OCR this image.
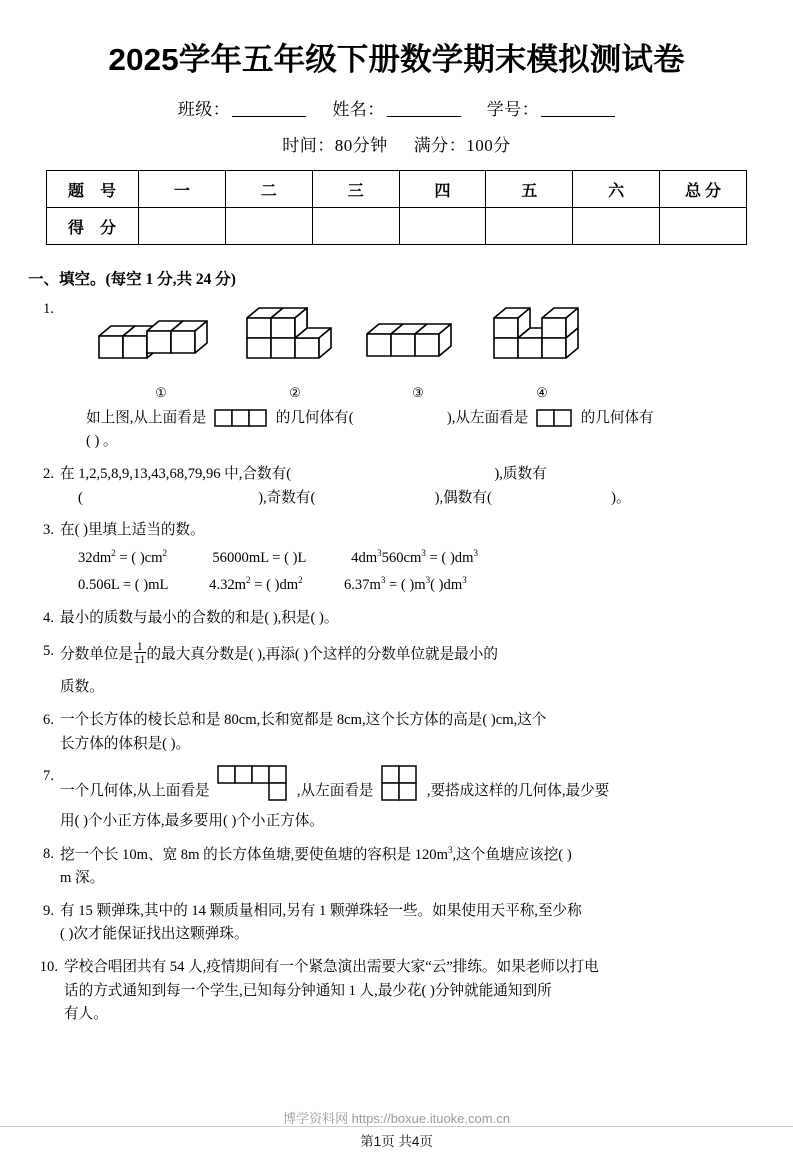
2025学年五年级下册数学期末模拟测试卷
班级：	姓名：	学号：
时间：80分钟 满分：100分
题 号	一	二	三	四	五	六	总 分
得 分							
一、填空。(每空 1 分,共 24 分)
1.
①	②	③	④
如上图,从上面看是	的几何体有(	),从左面看是	的几何体有
( ) 。
2. 在 1,2,5,8,9,13,43,68,79,96 中,合数有(	),质数有
(	),奇数有(	),偶数有(	)。
3. 在( )里填上适当的数。
$32dm^2$ = ( )$cm^2$	56000mL = ( )L	$4dm^3560cm^3$ = ( )$dm^3$
0.506L = ( )mL	$4.32m^2$ = ( )$dm^2$	$6.37m^3$ = ( )$m^3$( )$dm^3$
4. 最小的质数与最小的合数的和是( ),积是( )。
5. 分数单位是 $\frac{1}{11}$ 的最大真分数是( ),再添( )个这样的分数单位就是最小的
质数。
6. 一个长方体的棱长总和是 80cm,长和宽都是 8cm,这个长方体的高是( )cm,这个
长方体的体积是( )。
7.
一个几何体,从上面看是	,从左面看是	,要搭成这样的几何体,最少要
用( )个小正方体,最多要用( )个小正方体。
8. 挖一个长 10m、宽 8m 的长方体鱼塘,要使鱼塘的容积是 $120m^3$,这个鱼塘应该挖( )
m 深。
9. 有 15 颗弹珠,其中的 14 颗质量相同,另有 1 颗弹珠轻一些。如果使用天平称,至少称
( )次才能保证找出这颗弹珠。
10. 学校合唱团共有 54 人,疫情期间有一个紧急演出需要大家“云”排练。如果老师以打电
话的方式通知到每一个学生,已知每分钟通知 1 人,最少花( )分钟就能通知到所
有人。
博学资料网 https://boxue.ituoke.com.cn
第1页 共4页
